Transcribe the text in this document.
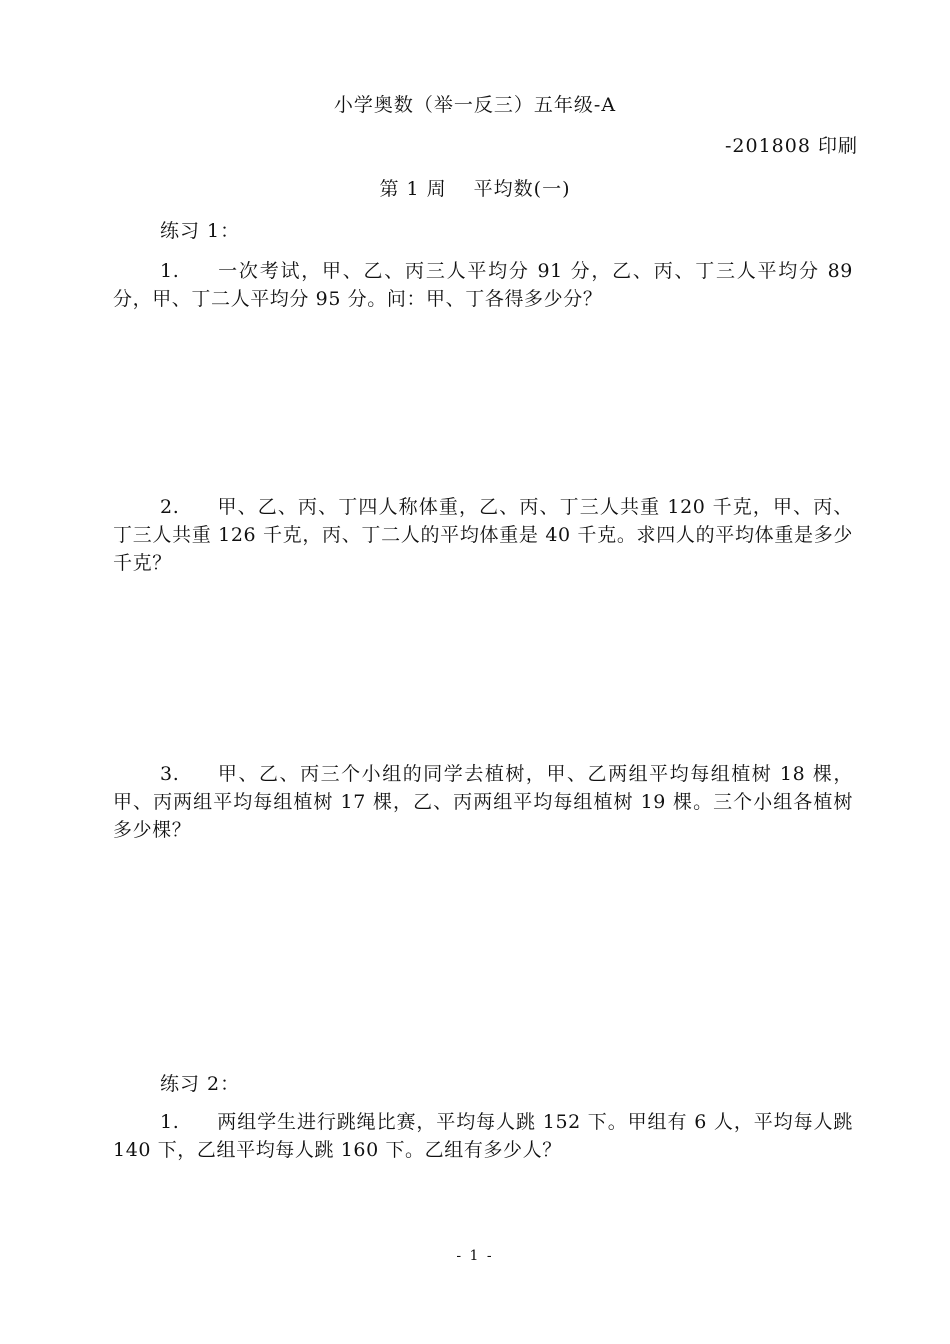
小学奥数（举一反三）五年级-A
-201808 印刷
第 1 周　 平均数(一)
练习 1：
1. 一次考试，甲、乙、丙三人平均分 91 分，乙、丙、丁三人平均分 89 分，甲、丁二人平均分 95 分。问：甲、丁各得多少分？
2. 甲、乙、丙、丁四人称体重，乙、丙、丁三人共重 120 千克，甲、丙、丁三人共重 126 千克，丙、丁二人的平均体重是 40 千克。求四人的平均体重是多少千克？
3. 甲、乙、丙三个小组的同学去植树，甲、乙两组平均每组植树 18 棵，甲、丙两组平均每组植树 17 棵，乙、丙两组平均每组植树 19 棵。三个小组各植树多少棵？
练习 2：
1. 两组学生进行跳绳比赛，平均每人跳 152 下。甲组有 6 人，平均每人跳 140 下，乙组平均每人跳 160 下。乙组有多少人？
- 1 -
